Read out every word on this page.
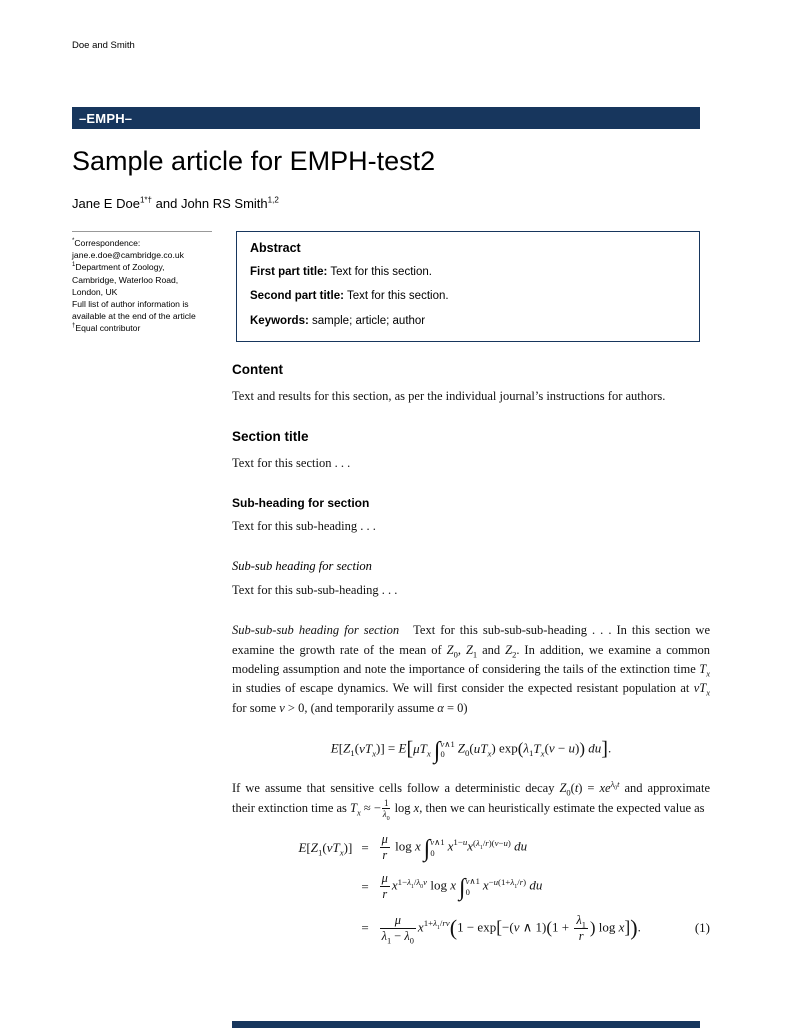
Doe and Smith
–EMPH–
Sample article for EMPH-test2
Jane E Doe$^{1*\dagger}$ and John RS Smith$^{1,2}$
*Correspondence:
jane.e.doe@cambridge.co.uk
$^1$Department of Zoology,
Cambridge, Waterloo Road,
London, UK
Full list of author information is
available at the end of the article
†Equal contributor
Abstract

First part title: Text for this section.

Second part title: Text for this section.

Keywords: sample; article; author

Content

Text and results for this section, as per the individual journal’s instructions for authors.

Section title

Text for this section . . .

Sub-heading for section

Text for this sub-heading . . .

Sub-sub heading for section

Text for this sub-sub-heading . . .

Sub-sub-sub heading for section Text for this sub-sub-sub-heading . . . In this section we examine the growth rate of the mean of $Z_0$, $Z_1$ and $Z_2$. In addition, we examine a common modeling assumption and note the importance of considering the tails of the extinction time $T_x$ in studies of escape dynamics. We will first consider the expected resistant population at $vT_x$ for some v > 0, (and temporarily assume α = 0)

$E[Z_1(vT_x)] = E[\mu T_x$ ∫ v∧1
0	$Z_0(uT_x) \exp(\lambda_1T_x(v - u))$ du].

If we assume that sensitive cells follow a deterministic decay $Z_0(t) = xe^{\lambda_0t}$ and approximate their extinction time as $T_x$ ≈ − $\frac{1}{\lambda_0}$ log x, then we can heuristically estimate the expected value as

$E[Z_1(vT_x)] = \frac{\mu}{r}$ log x ∫ v∧1
0	$x^{1-u}x^{(\lambda_1/r)(v-u)}$ du
= $\frac{\mu}{r} x^{1-\lambda_1/\lambda_0v}$ log x ∫ v∧1
0	$x^{-u(1+\lambda_1/r)}$ du
= $\frac{\mu}{\lambda_1 - \lambda_0} x^{1+\lambda_1/rv}(1 - \exp[-(v$ ∧ $1)(1 + \frac{\lambda_1}{r}$ ) log x]).	(1)
